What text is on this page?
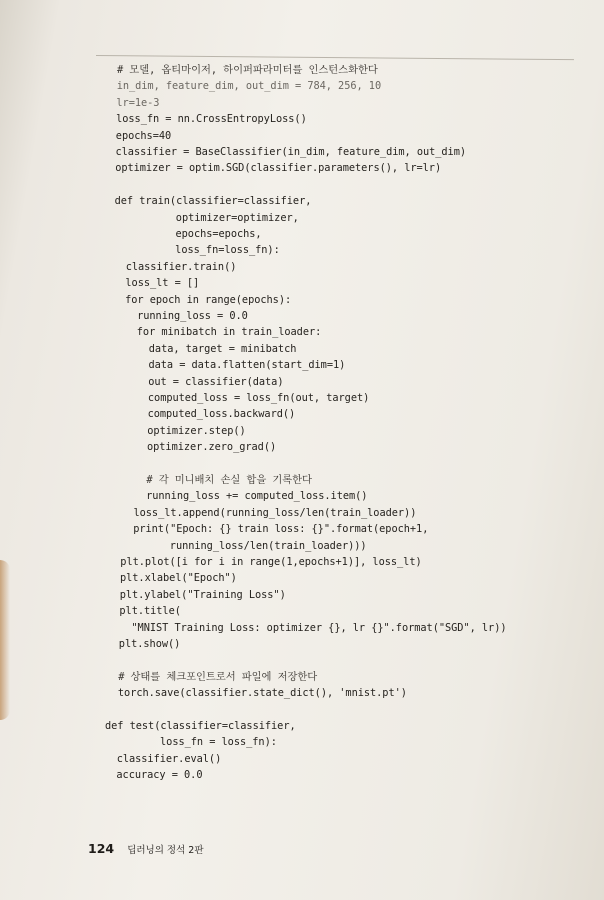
# 모델, 옵티마이저, 하이퍼파라미터를 인스턴스화한다
in_dim, feature_dim, out_dim = 784, 256, 10
lr=1e-3
loss_fn = nn.CrossEntropyLoss()
epochs=40
classifier = BaseClassifier(in_dim, feature_dim, out_dim)
optimizer = optim.SGD(classifier.parameters(), lr=lr)
def train(classifier=classifier,
optimizer=optimizer,
epochs=epochs,
loss_fn=loss_fn):
classifier.train()
loss_lt = []
for epoch in range(epochs):
running_loss = 0.0
for minibatch in train_loader:
data, target = minibatch
data = data.flatten(start_dim=1)
out = classifier(data)
computed_loss = loss_fn(out, target)
computed_loss.backward()
optimizer.step()
optimizer.zero_grad()
# 각 미니배치 손실 합을 기록한다
running_loss += computed_loss.item()
loss_lt.append(running_loss/len(train_loader))
print("Epoch: {} train loss: {}".format(epoch+1,
running_loss/len(train_loader)))
plt.plot([i for i in range(1,epochs+1)], loss_lt)
plt.xlabel("Epoch")
plt.ylabel("Training Loss")
plt.title(
"MNIST Training Loss: optimizer {}, lr {}".format("SGD", lr))
plt.show()
# 상태를 체크포인트로서 파일에 저장한다
torch.save(classifier.state_dict(), 'mnist.pt')
def test(classifier=classifier,
loss_fn = loss_fn):
classifier.eval()
accuracy = 0.0
124 딥러닝의 정석 2판
